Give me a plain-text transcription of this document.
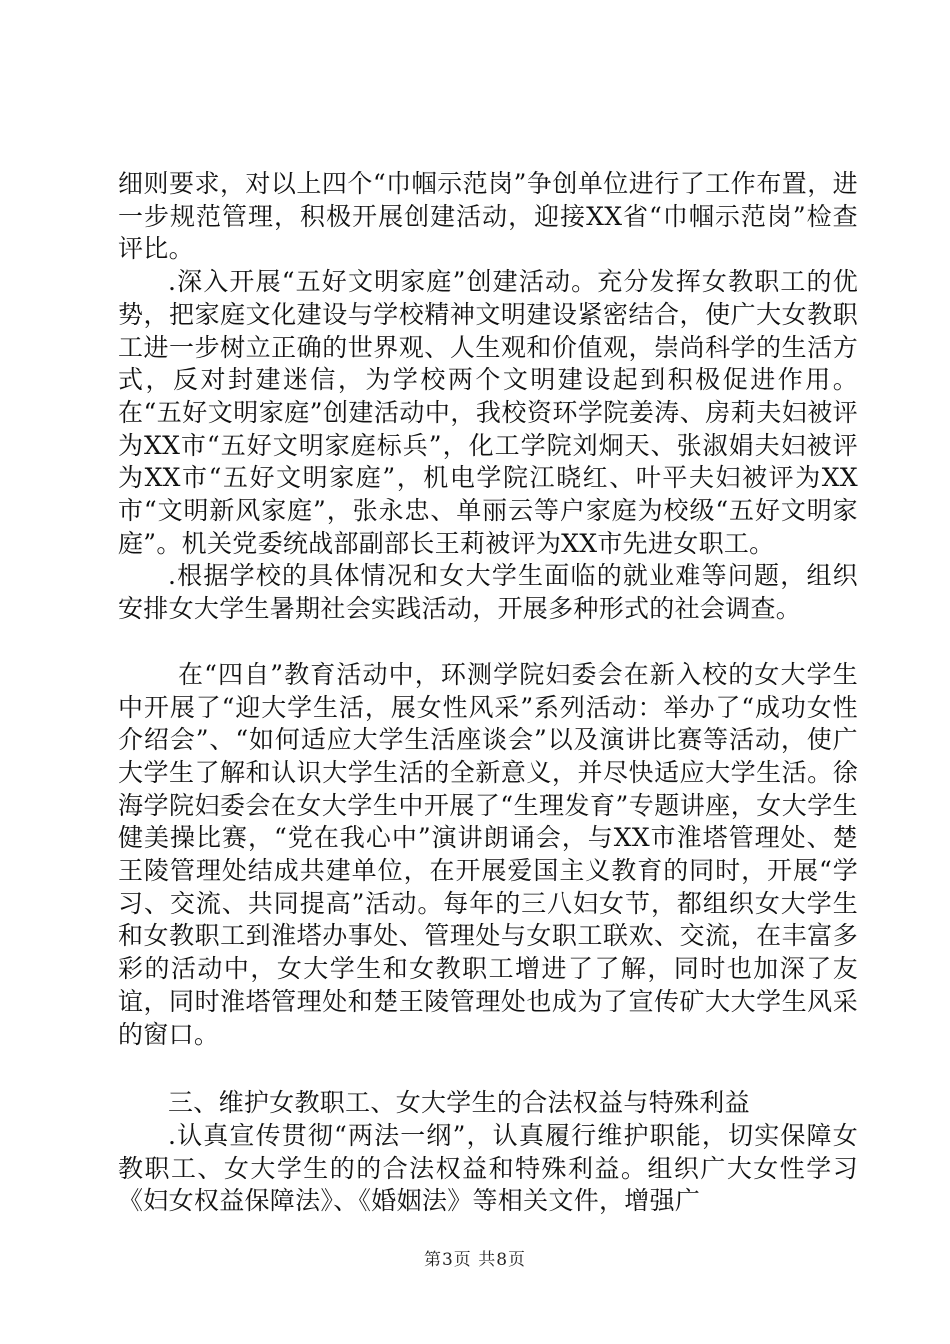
细则要求，对以上四个“巾帼示范岗”争创单位进行了工作布置，进一步规范管理，积极开展创建活动，迎接XX省“巾帼示范岗”检查评比。

.深入开展“五好文明家庭”创建活动。充分发挥女教职工的优势，把家庭文化建设与学校精神文明建设紧密结合，使广大女教职工进一步树立正确的世界观、人生观和价值观，崇尚科学的生活方式，反对封建迷信，为学校两个文明建设起到积极促进作用。在“五好文明家庭”创建活动中，我校资环学院姜涛、房莉夫妇被评为XX市“五好文明家庭标兵”，化工学院刘炯天、张淑娟夫妇被评为XX市“五好文明家庭”，机电学院江晓红、叶平夫妇被评为XX市“文明新风家庭”，张永忠、单丽云等户家庭为校级“五好文明家庭”。机关党委统战部副部长王莉被评为XX市先进女职工。

.根据学校的具体情况和女大学生面临的就业难等问题，组织安排女大学生暑期社会实践活动，开展多种形式的社会调查。

在“四自”教育活动中，环测学院妇委会在新入校的女大学生中开展了“迎大学生活，展女性风采”系列活动：举办了“成功女性介绍会”、“如何适应大学生活座谈会”以及演讲比赛等活动，使广大学生了解和认识大学生活的全新意义，并尽快适应大学生活。徐海学院妇委会在女大学生中开展了“生理发育”专题讲座，女大学生健美操比赛，“党在我心中”演讲朗诵会，与XX市淮塔管理处、楚王陵管理处结成共建单位，在开展爱国主义教育的同时，开展“学习、交流、共同提高”活动。每年的三八妇女节，都组织女大学生和女教职工到淮塔办事处、管理处与女职工联欢、交流，在丰富多彩的活动中，女大学生和女教职工增进了了解，同时也加深了友谊，同时淮塔管理处和楚王陵管理处也成为了宣传矿大大学生风采的窗口。

三、维护女教职工、女大学生的合法权益与特殊利益

.认真宣传贯彻“两法一纲”，认真履行维护职能，切实保障女教职工、女大学生的的合法权益和特殊利益。组织广大女性学习《妇女权益保障法》、《婚姻法》等相关文件，增强广

第3页 共8页
